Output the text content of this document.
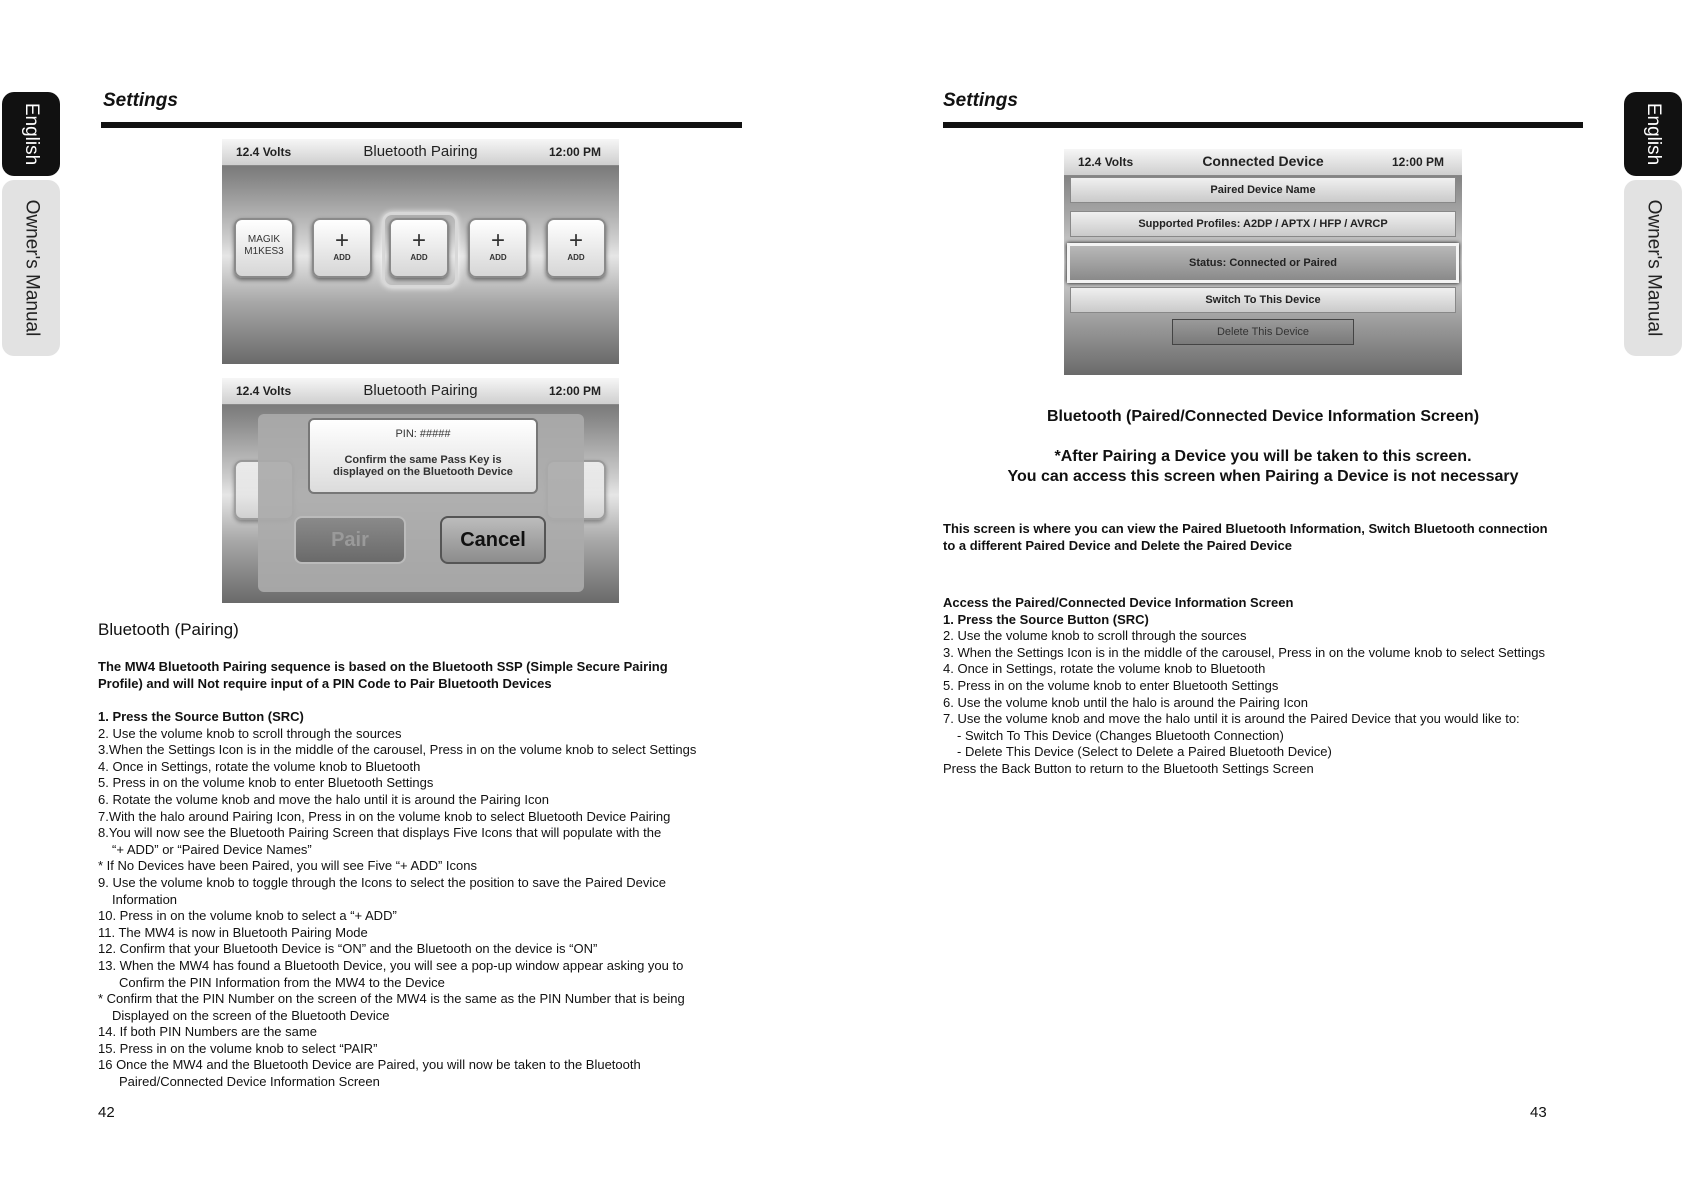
English
Owner's Manual
English
Owner's Manual
Settings
12.4 Volts	Bluetooth Pairing	12:00 PM
MAGIK
M1KES3	+
ADD
+
ADD
+
ADD
+
ADD
12.4 Volts	Bluetooth Pairing	12:00 PM
PIN: #####
Confirm the same Pass Key is
displayed on the Bluetooth Device
Pair	Cancel
Bluetooth (Pairing)
The MW4 Bluetooth Pairing sequence is based on the Bluetooth SSP (Simple Secure Pairing
Profile) and will Not require input of a PIN Code to Pair Bluetooth Devices
1. Press the Source Button (SRC)
2. Use the volume knob to scroll through the sources
3.When the Settings Icon is in the middle of the carousel, Press in on the volume knob to select Settings
4. Once in Settings, rotate the volume knob to Bluetooth
5. Press in on the volume knob to enter Bluetooth Settings
6. Rotate the volume knob and move the halo until it is around the Pairing Icon
7.With the halo around Pairing Icon, Press in on the volume knob to select Bluetooth Device Pairing
8.You will now see the Bluetooth Pairing Screen that displays Five Icons that will populate with the
“+ ADD” or “Paired Device Names”
* If No Devices have been Paired, you will see Five “+ ADD” Icons
9. Use the volume knob to toggle through the Icons to select the position to save the Paired Device
Information
10. Press in on the volume knob to select a “+ ADD”
11. The MW4 is now in Bluetooth Pairing Mode
12. Confirm that your Bluetooth Device is “ON” and the Bluetooth on the device is “ON”
13. When the MW4 has found a Bluetooth Device, you will see a pop-up window appear asking you to
Confirm the PIN Information from the MW4 to the Device
* Confirm that the PIN Number on the screen of the MW4 is the same as the PIN Number that is being
Displayed on the screen of the Bluetooth Device
14. If both PIN Numbers are the same
15. Press in on the volume knob to select “PAIR”
16 Once the MW4 and the Bluetooth Device are Paired, you will now be taken to the Bluetooth
Paired/Connected Device Information Screen
42
Settings
12.4 Volts	Connected Device	12:00 PM
Paired Device Name
Supported Profiles: A2DP / APTX / HFP / AVRCP
Status: Connected or Paired
Switch To This Device
Delete This Device
Bluetooth (Paired/Connected Device Information Screen)
*After Pairing a Device you will be taken to this screen.
You can access this screen when Pairing a Device is not necessary
This screen is where you can view the Paired Bluetooth Information, Switch Bluetooth connection
to a different Paired Device and Delete the Paired Device
Access the Paired/Connected Device Information Screen
1. Press the Source Button (SRC)
2. Use the volume knob to scroll through the sources
3. When the Settings Icon is in the middle of the carousel, Press in on the volume knob to select Settings
4. Once in Settings, rotate the volume knob to Bluetooth
5. Press in on the volume knob to enter Bluetooth Settings
6. Use the volume knob until the halo is around the Pairing Icon
7. Use the volume knob and move the halo until it is around the Paired Device that you would like to:
- Switch To This Device (Changes Bluetooth Connection)
- Delete This Device (Select to Delete a Paired Bluetooth Device)
Press the Back Button to return to the Bluetooth Settings Screen
43
